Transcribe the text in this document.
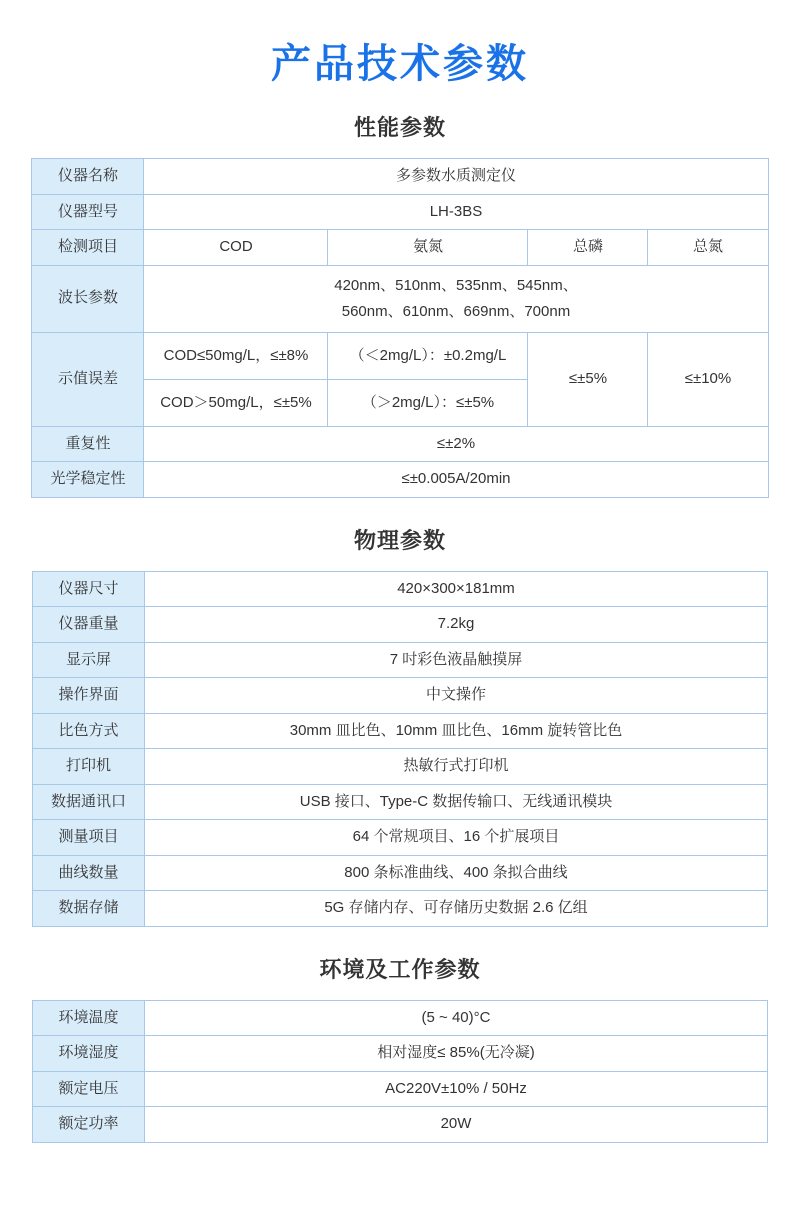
产品技术参数
性能参数
仪器名称	多参数水质测定仪			
仪器型号	LH-3BS			
检测项目	COD	氨氮	总磷	总氮
波长参数	420nm、510nm、535nm、545nm、
560nm、610nm、669nm、700nm			

示值误差	COD≤50mg/L，≤±8%	（＜2mg/L）：±0.2mg/L	≤±5%	≤±10%

	COD＞50mg/L，≤±5%	（＞2mg/L）：≤±5%		

重复性	≤±2%			
光学稳定性	≤±0.005A/20min			
物理参数
仪器尺寸	420×300×181mm
仪器重量	7.2kg
显示屏	7 吋彩色液晶触摸屏
操作界面	中文操作
比色方式	30mm 皿比色、10mm 皿比色、16mm 旋转管比色
打印机	热敏行式打印机
数据通讯口	USB 接口、Type-C 数据传输口、无线通讯模块
测量项目	64 个常规项目、16 个扩展项目
曲线数量	800 条标准曲线、400 条拟合曲线
数据存储	5G 存储内存、可存储历史数据 2.6 亿组
环境及工作参数
环境温度	(5 ~ 40)°C
环境湿度	相对湿度≤ 85%(无冷凝)
额定电压	AC220V±10% / 50Hz
额定功率	20W
